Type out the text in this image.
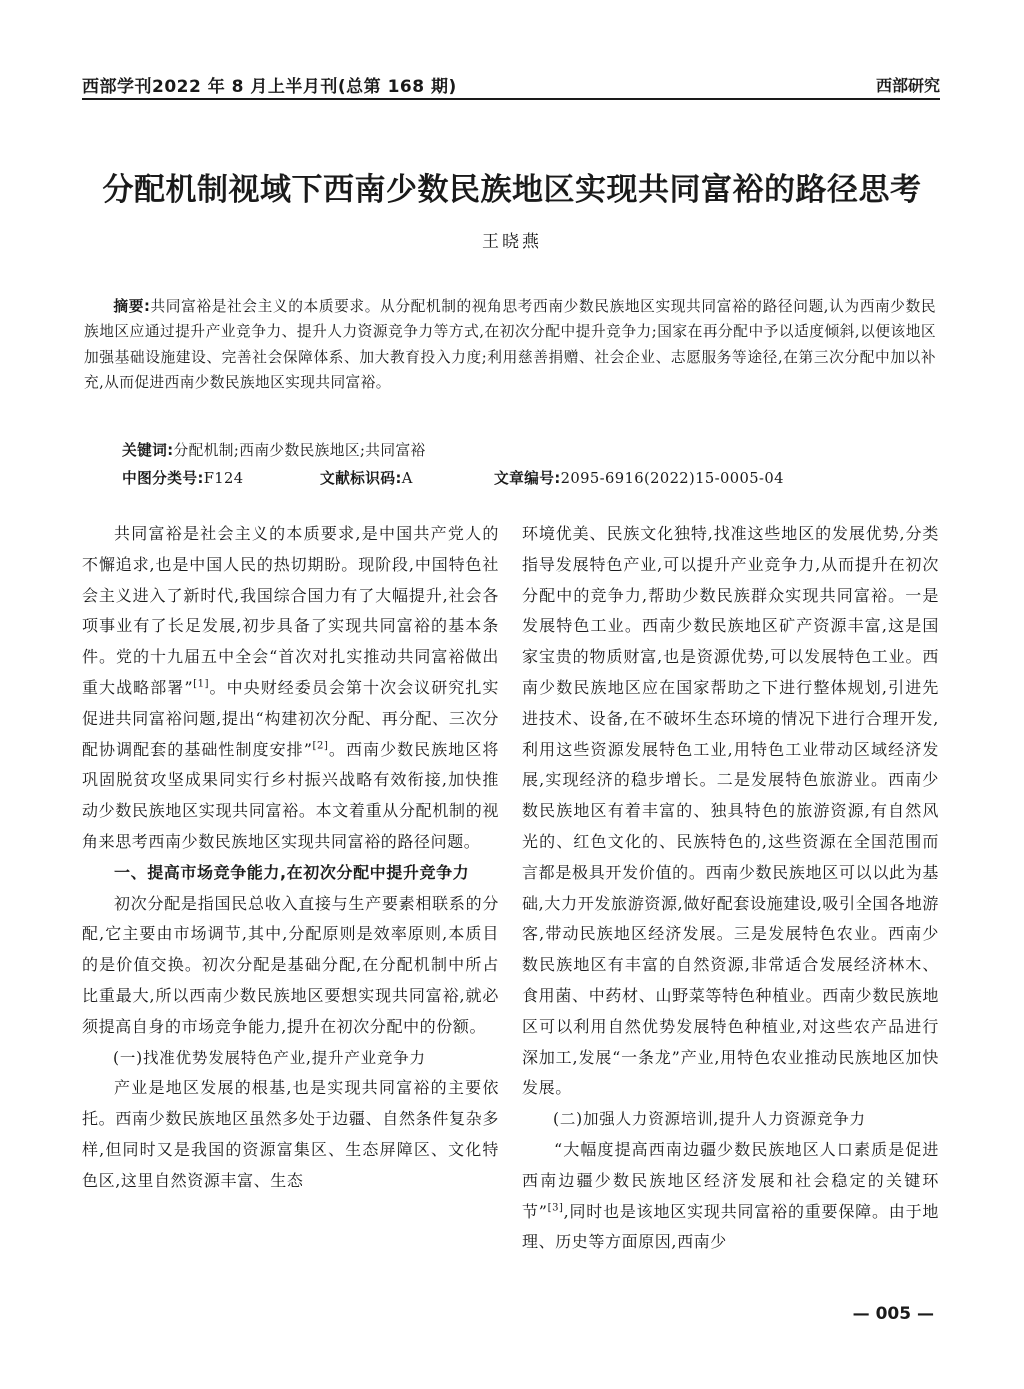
西部学刊2022 年 8 月上半月刊(总第 168 期)	西部研究
分配机制视域下西南少数民族地区实现共同富裕的路径思考
王晓燕
摘要:共同富裕是社会主义的本质要求。从分配机制的视角思考西南少数民族地区实现共同富裕的路径问题,认为西南少数民族地区应通过提升产业竞争力、提升人力资源竞争力等方式,在初次分配中提升竞争力;国家在再分配中予以适度倾斜,以便该地区加强基础设施建设、完善社会保障体系、加大教育投入力度;利用慈善捐赠、社会企业、志愿服务等途径,在第三次分配中加以补充,从而促进西南少数民族地区实现共同富裕。
关键词:分配机制;西南少数民族地区;共同富裕
中图分类号:F124	文献标识码:A	文章编号:2095-6916(2022)15-0005-04

共同富裕是社会主义的本质要求,是中国共产党人的不懈追求,也是中国人民的热切期盼。现阶段,中国特色社会主义进入了新时代,我国综合国力有了大幅提升,社会各项事业有了长足发展,初步具备了实现共同富裕的基本条件。党的十九届五中全会“首次对扎实推动共同富裕做出重大战略部署”[1]。中央财经委员会第十次会议研究扎实促进共同富裕问题,提出“构建初次分配、再分配、三次分配协调配套的基础性制度安排”[2]。西南少数民族地区将巩固脱贫攻坚成果同实行乡村振兴战略有效衔接,加快推动少数民族地区实现共同富裕。本文着重从分配机制的视角来思考西南少数民族地区实现共同富裕的路径问题。

一、提高市场竞争能力,在初次分配中提升竞争力

初次分配是指国民总收入直接与生产要素相联系的分配,它主要由市场调节,其中,分配原则是效率原则,本质目的是价值交换。初次分配是基础分配,在分配机制中所占比重最大,所以西南少数民族地区要想实现共同富裕,就必须提高自身的市场竞争能力,提升在初次分配中的份额。

(一)找准优势发展特色产业,提升产业竞争力

产业是地区发展的根基,也是实现共同富裕的主要依托。西南少数民族地区虽然多处于边疆、自然条件复杂多样,但同时又是我国的资源富集区、生态屏障区、文化特色区,这里自然资源丰富、生态

环境优美、民族文化独特,找准这些地区的发展优势,分类指导发展特色产业,可以提升产业竞争力,从而提升在初次分配中的竞争力,帮助少数民族群众实现共同富裕。一是发展特色工业。西南少数民族地区矿产资源丰富,这是国家宝贵的物质财富,也是资源优势,可以发展特色工业。西南少数民族地区应在国家帮助之下进行整体规划,引进先进技术、设备,在不破坏生态环境的情况下进行合理开发,利用这些资源发展特色工业,用特色工业带动区域经济发展,实现经济的稳步增长。二是发展特色旅游业。西南少数民族地区有着丰富的、独具特色的旅游资源,有自然风光的、红色文化的、民族特色的,这些资源在全国范围而言都是极具开发价值的。西南少数民族地区可以以此为基础,大力开发旅游资源,做好配套设施建设,吸引全国各地游客,带动民族地区经济发展。三是发展特色农业。西南少数民族地区有丰富的自然资源,非常适合发展经济林木、食用菌、中药材、山野菜等特色种植业。西南少数民族地区可以利用自然优势发展特色种植业,对这些农产品进行深加工,发展“一条龙”产业,用特色农业推动民族地区加快发展。

(二)加强人力资源培训,提升人力资源竞争力

“大幅度提高西南边疆少数民族地区人口素质是促进西南边疆少数民族地区经济发展和社会稳定的关键环节”[3],同时也是该地区实现共同富裕的重要保障。由于地理、历史等方面原因,西南少

— 005 —
